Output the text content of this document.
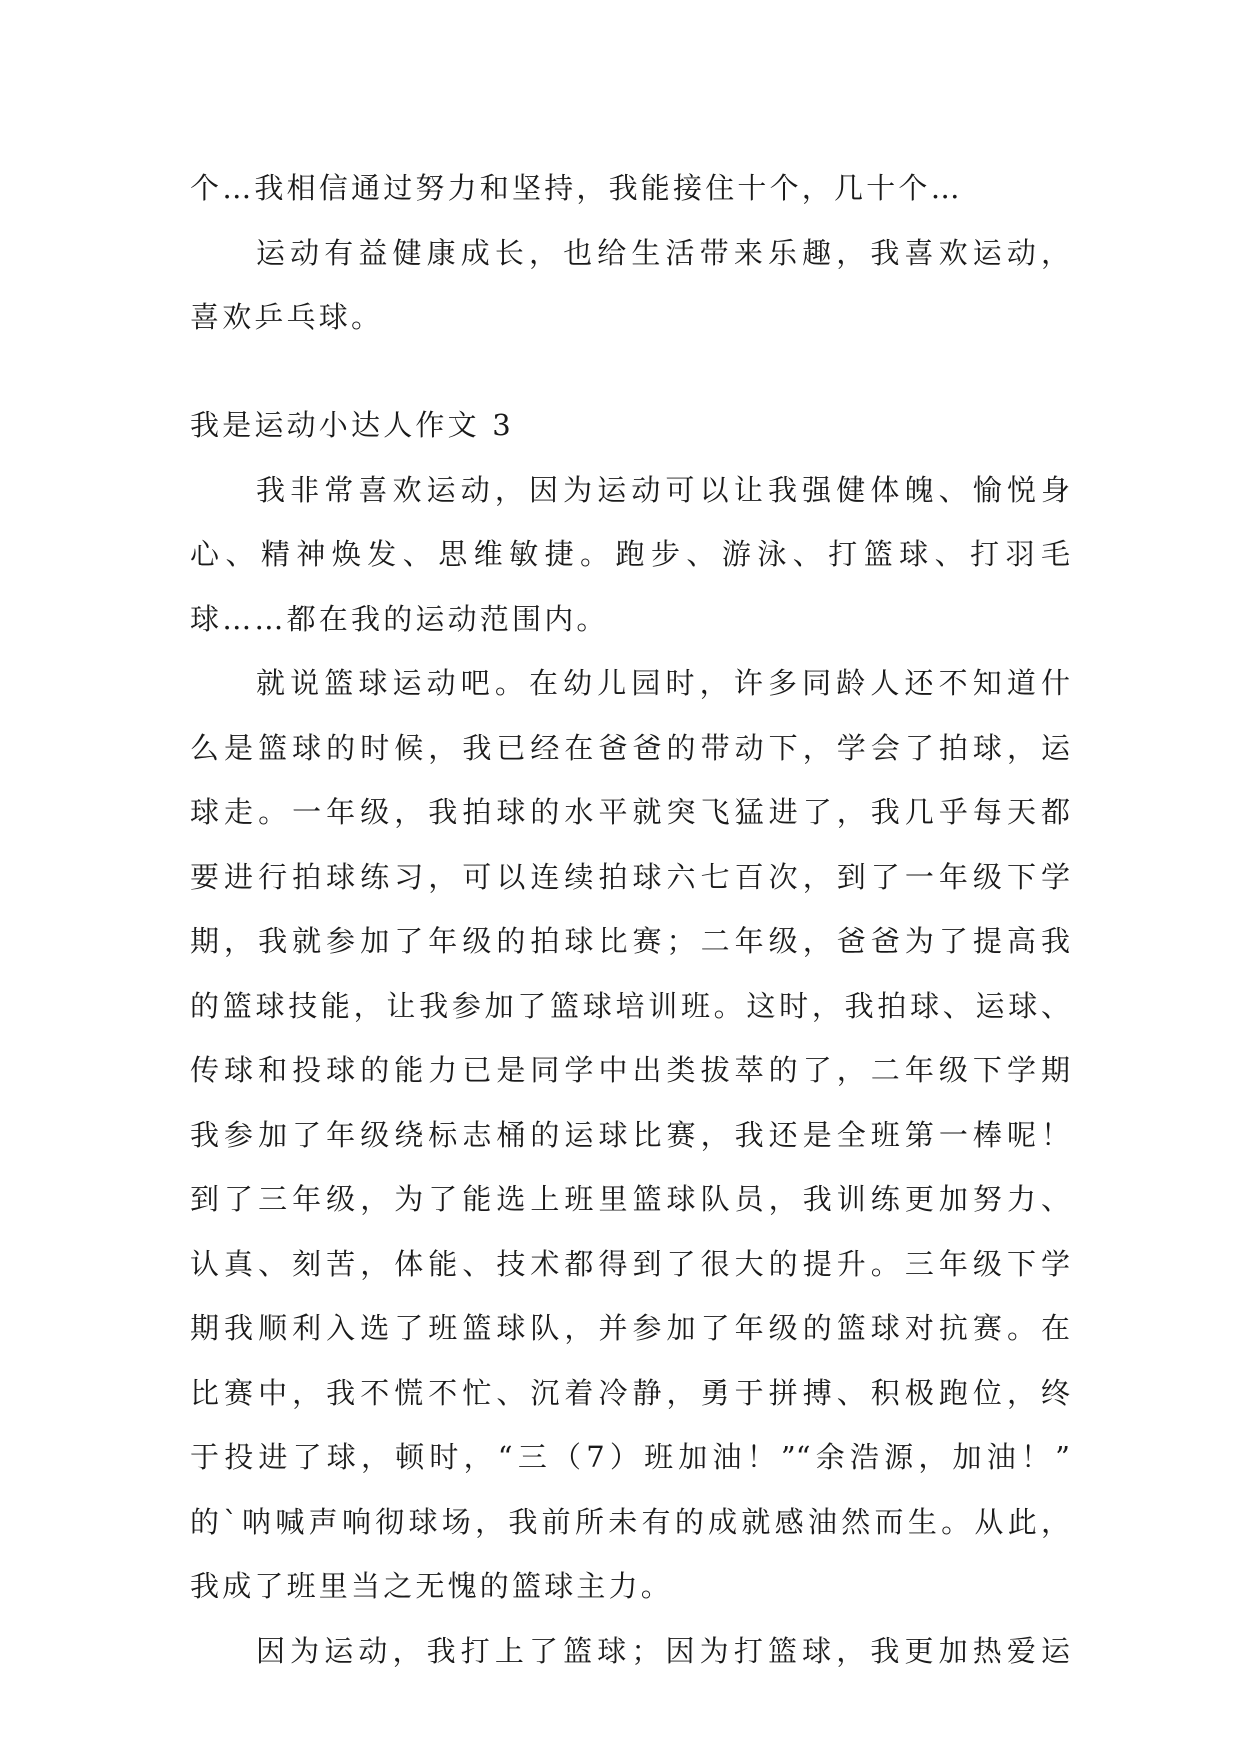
个…我相信通过努力和坚持，我能接住十个，几十个…
运动有益健康成长，也给生活带来乐趣，我喜欢运动，
喜欢乒乓球。
我是运动小达人作文 3
我非常喜欢运动，因为运动可以让我强健体魄、愉悦身
心、精神焕发、思维敏捷。跑步、游泳、打篮球、打羽毛
球……都在我的运动范围内。
就说篮球运动吧。在幼儿园时，许多同龄人还不知道什
么是篮球的时候，我已经在爸爸的带动下，学会了拍球，运
球走。一年级，我拍球的水平就突飞猛进了，我几乎每天都
要进行拍球练习，可以连续拍球六七百次，到了一年级下学
期，我就参加了年级的拍球比赛；二年级，爸爸为了提高我
的篮球技能，让我参加了篮球培训班。这时，我拍球、运球、
传球和投球的能力已是同学中出类拔萃的了，二年级下学期
我参加了年级绕标志桶的运球比赛，我还是全班第一棒呢！
到了三年级，为了能选上班里篮球队员，我训练更加努力、
认真、刻苦，体能、技术都得到了很大的提升。三年级下学
期我顺利入选了班篮球队，并参加了年级的篮球对抗赛。在
比赛中，我不慌不忙、沉着冷静，勇于拼搏、积极跑位，终
于投进了球，顿时，“三（7）班加油！”“余浩源，加油！”
的`呐喊声响彻球场，我前所未有的成就感油然而生。从此，
我成了班里当之无愧的篮球主力。
因为运动，我打上了篮球；因为打篮球，我更加热爱运
